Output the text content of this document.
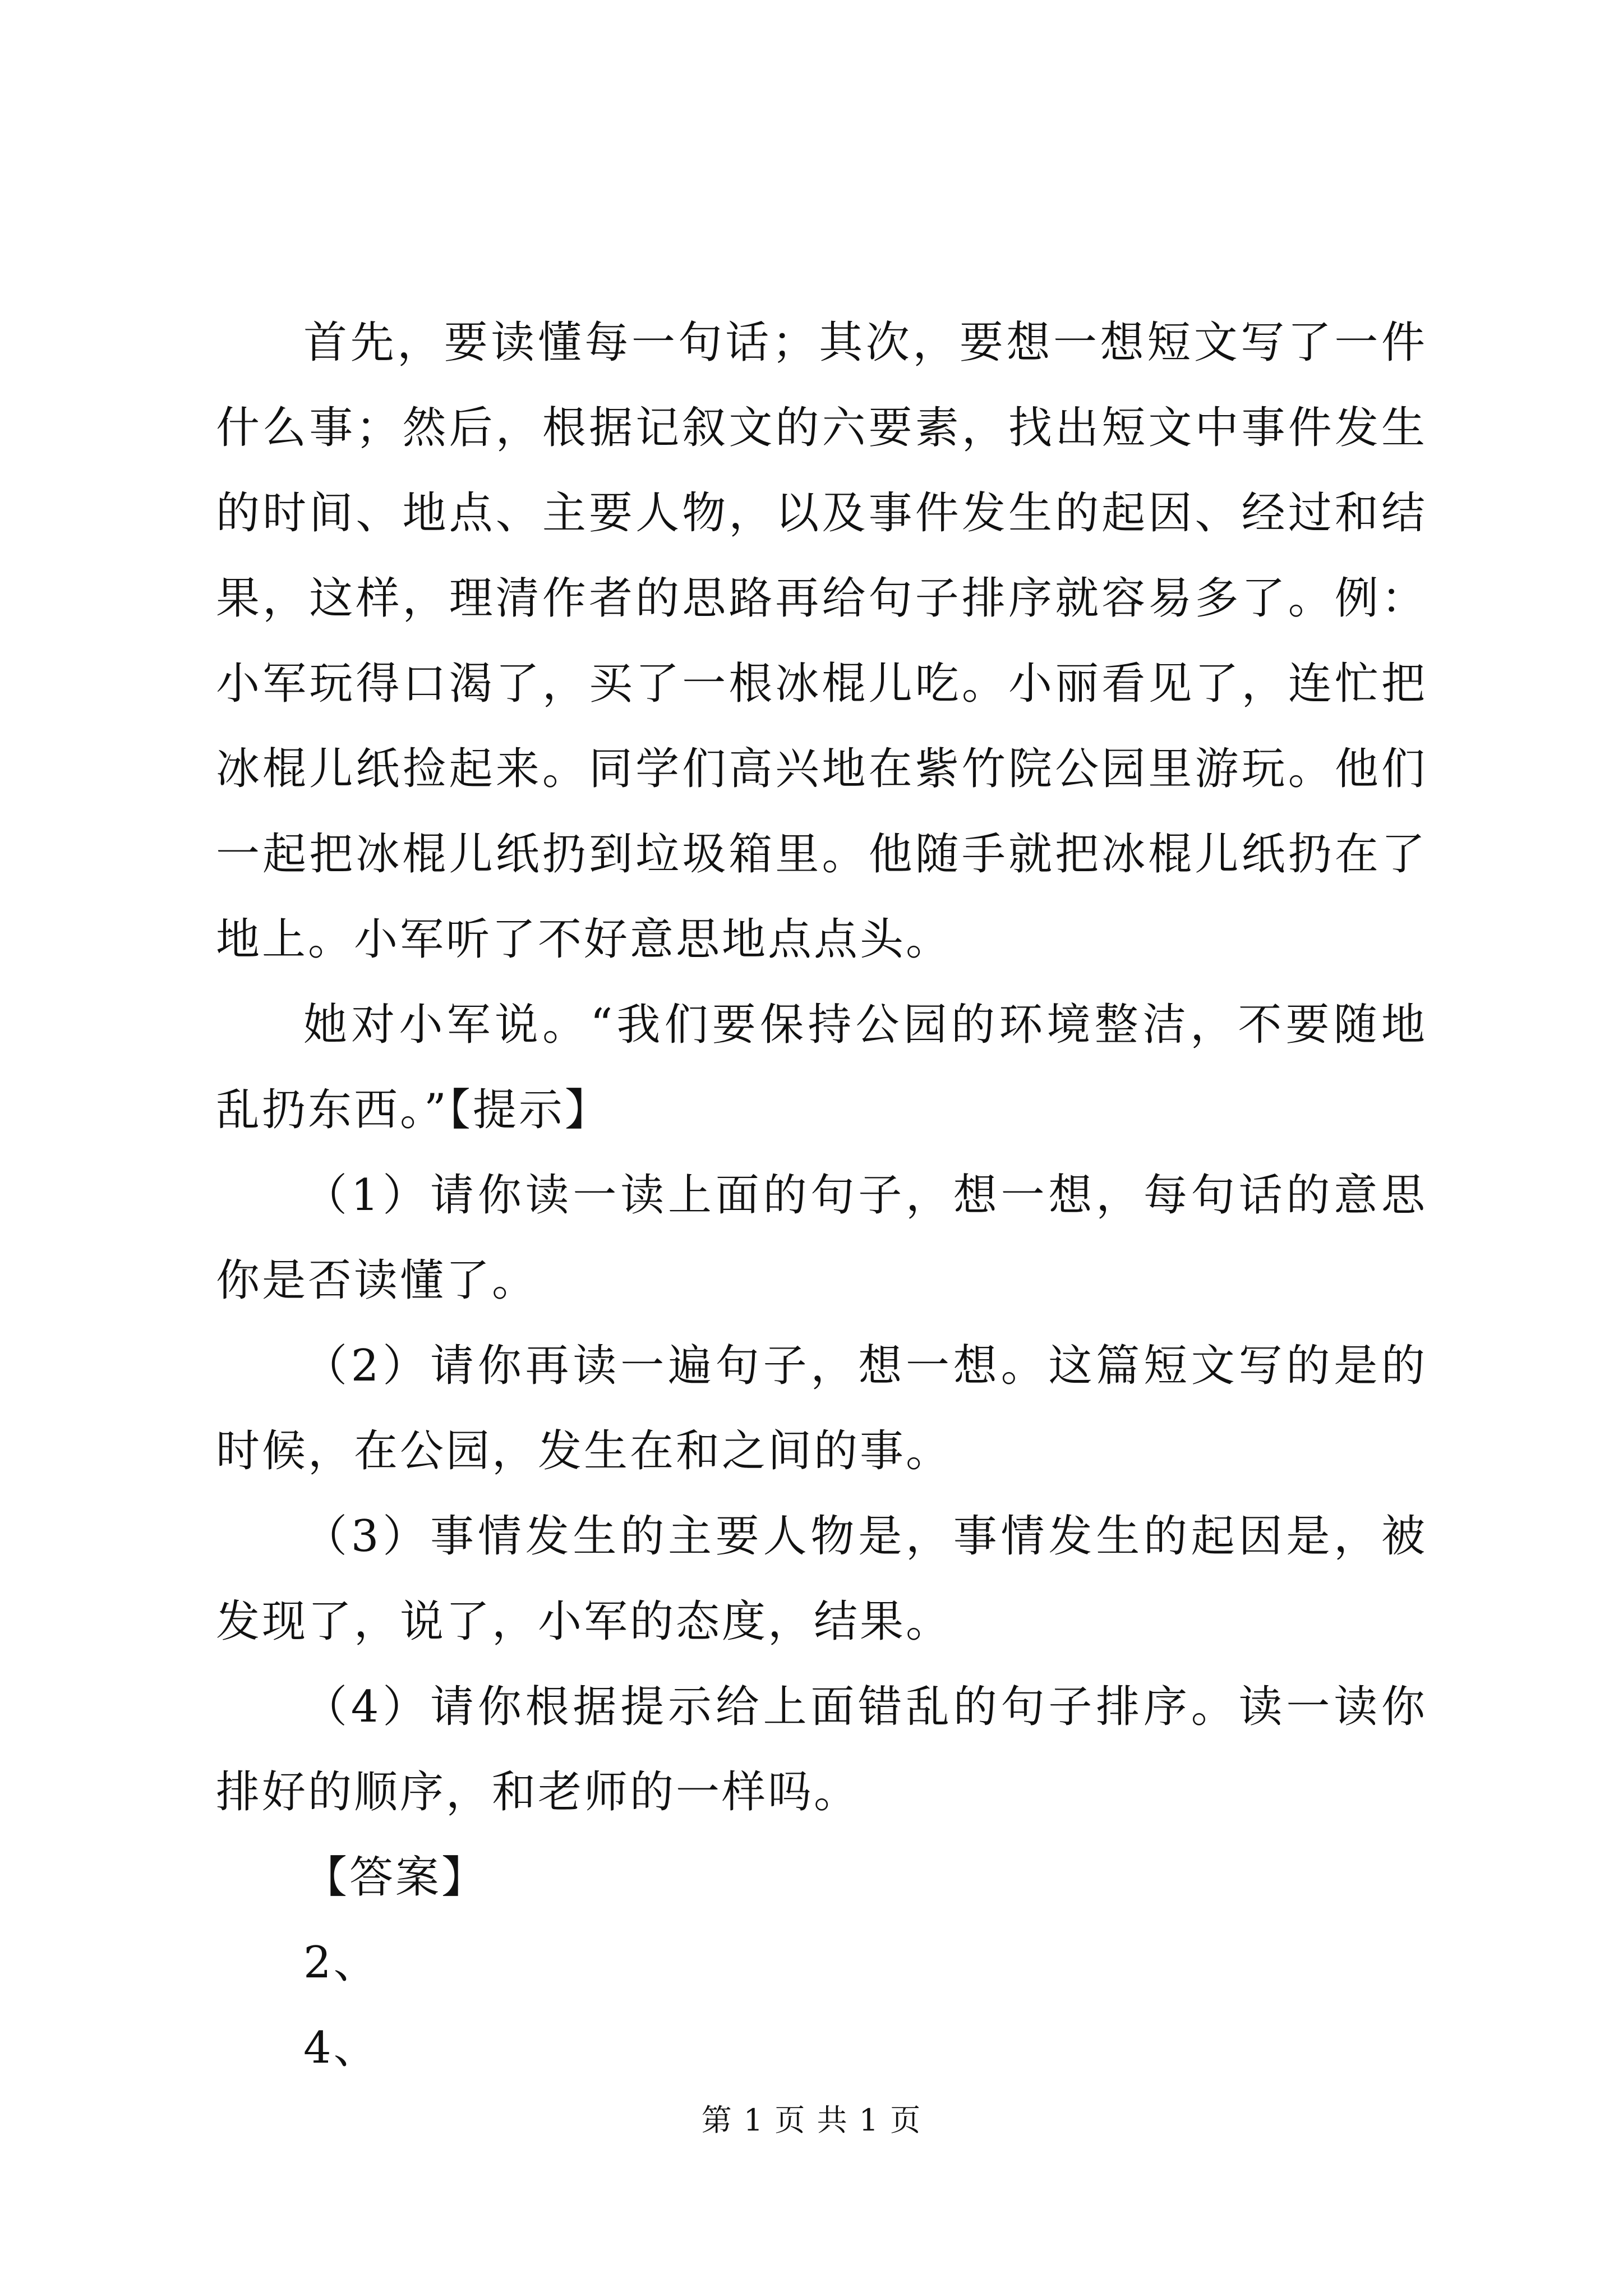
首先，要读懂每一句话；其次，要想一想短文写了一件什么事；然后，根据记叙文的六要素，找出短文中事件发生的时间、地点、主要人物，以及事件发生的起因、经过和结果，这样，理清作者的思路再给句子排序就容易多了。例：小军玩得口渴了，买了一根冰棍儿吃。小丽看见了，连忙把冰棍儿纸捡起来。同学们高兴地在紫竹院公园里游玩。他们一起把冰棍儿纸扔到垃圾箱里。他随手就把冰棍儿纸扔在了地上。小军听了不好意思地点点头。

她对小军说。“我们要保持公园的环境整洁，不要随地乱扔东西。”【提示】

（1）请你读一读上面的句子，想一想，每句话的意思你是否读懂了。

（2）请你再读一遍句子，想一想。这篇短文写的是的时候，在公园，发生在和之间的事。

（3）事情发生的主要人物是，事情发生的起因是，被发现了，说了，小军的态度，结果。

（4）请你根据提示给上面错乱的句子排序。读一读你排好的顺序，和老师的一样吗。

【答案】

2、

4、

第 1 页 共 1 页
